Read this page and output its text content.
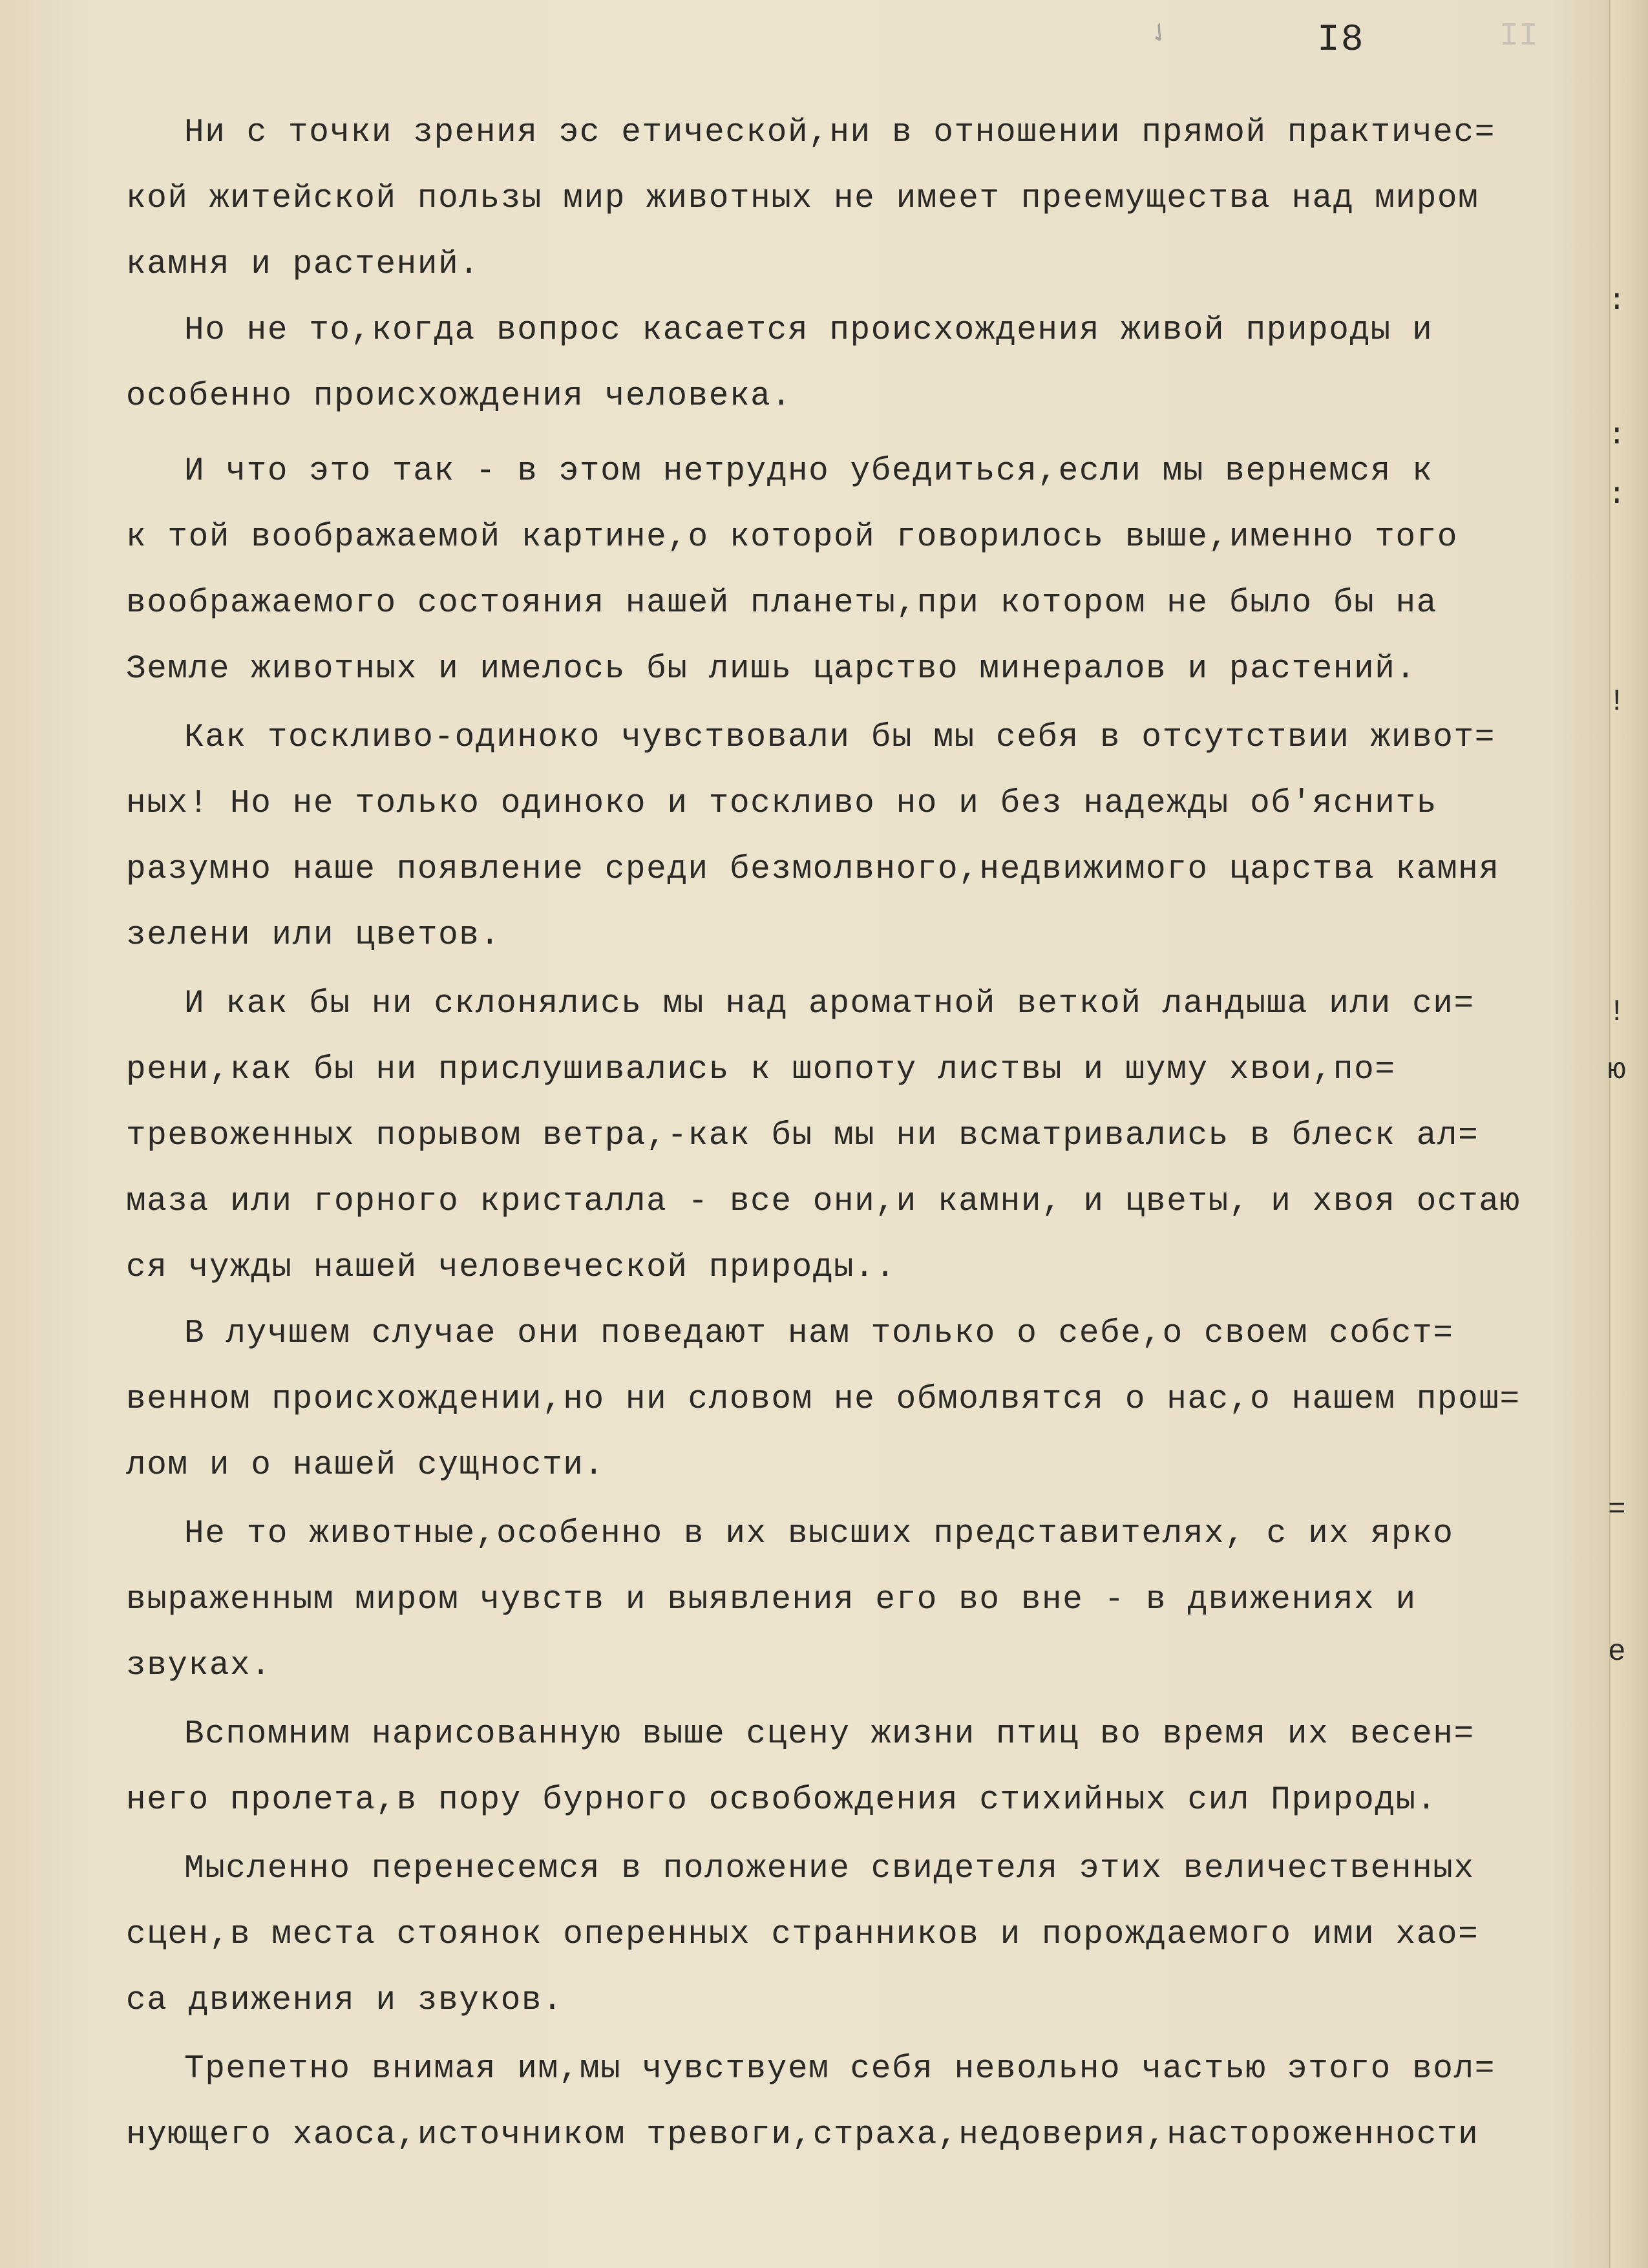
✓	I8	II
Ни с точки зрения эс етической,ни в отношении прямой практичес=
кой житейской пользы мир животных не имеет преемущества над миром
камня и растений.
Но не то,когда вопрос касается происхождения живой природы и
особенно происхождения человека.
И что это так - в этом нетрудно убедиться,если мы вернемся к
к той воображаемой картине,о которой говорилось выше,именно того
воображаемого состояния нашей планеты,при котором не было бы на
Земле животных и имелось бы лишь царство минералов и растений.
Как тоскливо-одиноко чувствовали бы мы себя в отсутствии живот=
ных! Но не только одиноко и тоскливо но и без надежды об'яснить
разумно наше появление среди безмолвного,недвижимого царства камня
зелени или цветов.
И как бы ни склонялись мы над ароматной веткой ландыша или си=
рени,как бы ни прислушивались к шопоту листвы и шуму хвои,по=
тревоженных порывом ветра,-как бы мы ни всматривались в блеск ал=
маза или горного кристалла - все они,и камни, и цветы, и хвоя остаю
ся чужды нашей человеческой природы..
В лучшем случае они поведают нам только о себе,о своем собст=
венном происхождении,но ни словом не обмолвятся о нас,о нашем прош=
лом и о нашей сущности.
Не то животные,особенно в их высших представителях, с их ярко
выраженным миром чувств и выявления его во вне - в движениях и
звуках.
Вспомним нарисованную выше сцену жизни птиц во время их весен=
него пролета,в пору бурного освобождения стихийных сил Природы.
Мысленно перенесемся в положение свидетеля этих величественных
сцен,в места стоянок оперенных странников и порождаемого ими хао=
са движения и звуков.
Трепетно внимая им,мы чувствуем себя невольно частью этого вол=
нующего хаоса,источником тревоги,страха,недоверия,настороженности
:
:
:
!
!
ю
=
е
